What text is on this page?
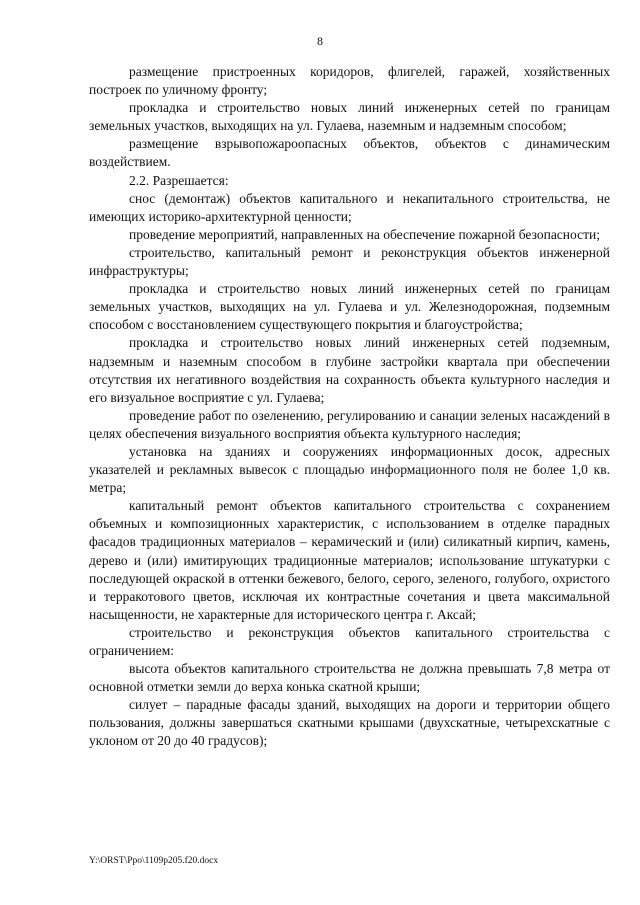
8

размещение пристроенных коридоров, флигелей, гаражей, хозяйственных построек по уличному фронту;

прокладка и строительство новых линий инженерных сетей по границам земельных участков, выходящих на ул. Гулаева, наземным и надземным способом;

размещение взрывопожароопасных объектов, объектов с динамическим воздействием.

2.2. Разрешается:

снос (демонтаж) объектов капитального и некапитального строительства, не имеющих историко-архитектурной ценности;

проведение мероприятий, направленных на обеспечение пожарной безопасности;

строительство, капитальный ремонт и реконструкция объектов инженерной инфраструктуры;

прокладка и строительство новых линий инженерных сетей по границам земельных участков, выходящих на ул. Гулаева и ул. Железнодорожная, подземным способом с восстановлением существующего покрытия и благоустройства;

прокладка и строительство новых линий инженерных сетей подземным, надземным и наземным способом в глубине застройки квартала при обеспечении отсутствия их негативного воздействия на сохранность объекта культурного наследия и его визуальное восприятие с ул. Гулаева;

проведение работ по озеленению, регулированию и санации зеленых насаждений в целях обеспечения визуального восприятия объекта культурного наследия;

установка на зданиях и сооружениях информационных досок, адресных указателей и рекламных вывесок с площадью информационного поля не более 1,0 кв. метра;

капитальный ремонт объектов капитального строительства с сохранением объемных и композиционных характеристик, с использованием в отделке парадных фасадов традиционных материалов – керамический и (или) силикатный кирпич, камень, дерево и (или) имитирующих традиционные материалов; использование штукатурки с последующей окраской в оттенки бежевого, белого, серого, зеленого, голубого, охристого и терракотового цветов, исключая их контрастные сочетания и цвета максимальной насыщенности, не характерные для исторического центра г. Аксай;

строительство и реконструкция объектов капитального строительства с ограничением:

высота объектов капитального строительства не должна превышать 7,8 метра от основной отметки земли до верха конька скатной крыши;

силует – парадные фасады зданий, выходящих на дороги и территории общего пользования, должны завершаться скатными крышами (двухскатные, четырехскатные с уклоном от 20 до 40 градусов);

Y:\ORST\Ppo\1109p205.f20.docx
